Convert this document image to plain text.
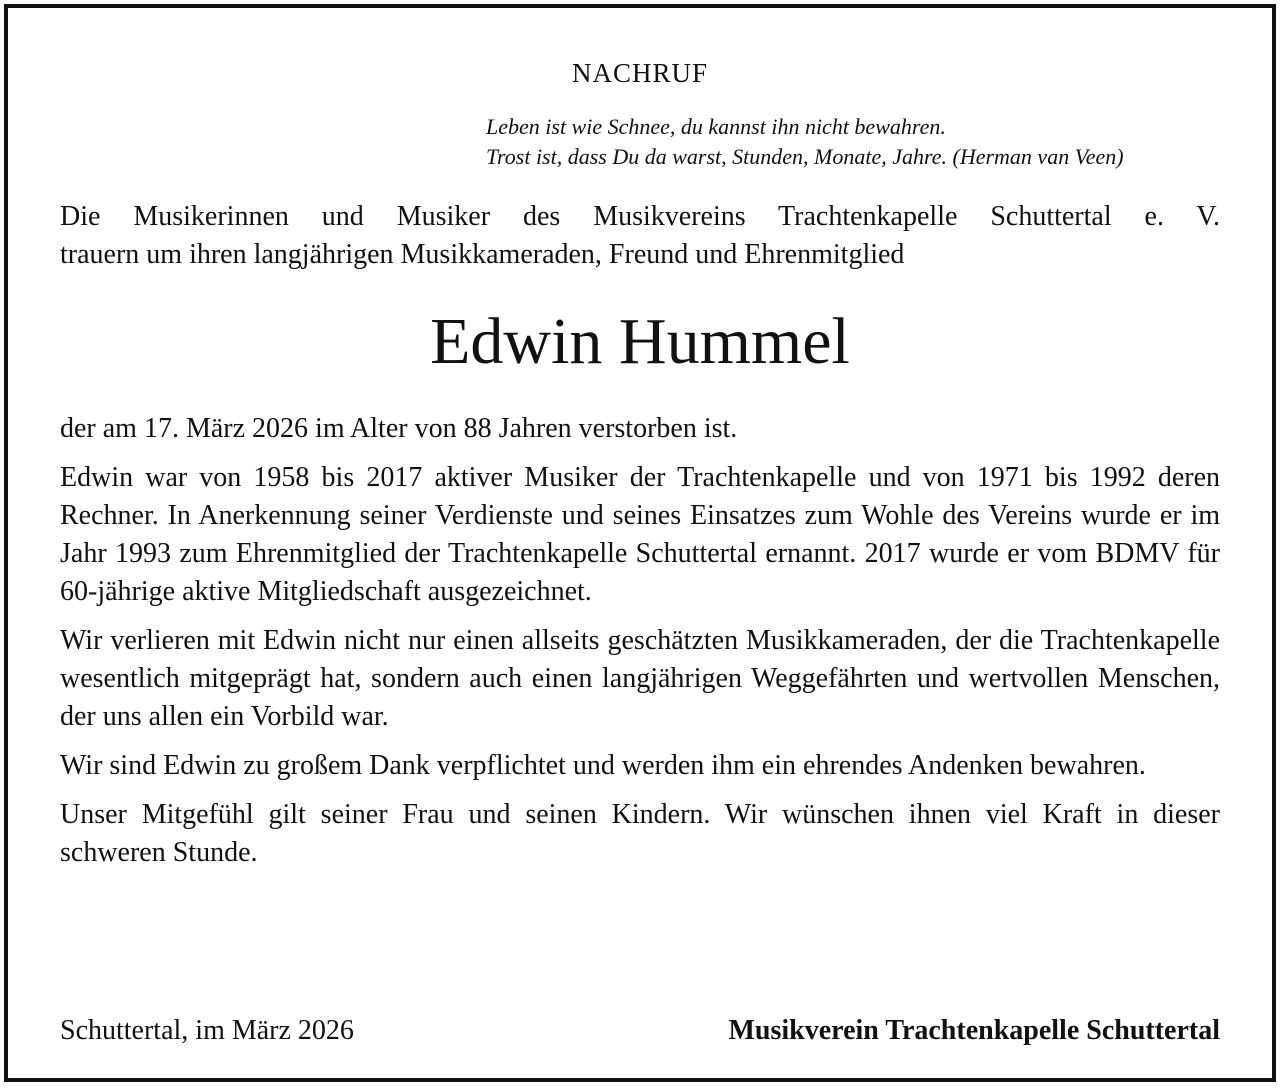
NACHRUF
Leben ist wie Schnee, du kannst ihn nicht bewahren.
Trost ist, dass Du da warst, Stunden, Monate, Jahre. (Herman van Veen)
Die Musikerinnen und Musiker des Musikvereins Trachtenkapelle Schuttertal e. V.
trauern um ihren langjährigen Musikkameraden, Freund und Ehrenmitglied
Edwin Hummel

der am 17. März 2026 im Alter von 88 Jahren verstorben ist.

Edwin war von 1958 bis 2017 aktiver Musiker der Trachtenkapelle und von 1971 bis 1992 deren Rechner. In Anerkennung seiner Verdienste und seines Einsatzes zum Wohle des Vereins wurde er im Jahr 1993 zum Ehrenmitglied der Trachtenkapelle Schuttertal ernannt. 2017 wurde er vom BDMV für 60-jährige aktive Mitgliedschaft ausgezeichnet.

Wir verlieren mit Edwin nicht nur einen allseits geschätzten Musikkameraden, der die Trachtenkapelle wesentlich mitgeprägt hat, sondern auch einen langjährigen Weggefährten und wertvollen Menschen, der uns allen ein Vorbild war.

Wir sind Edwin zu großem Dank verpflichtet und werden ihm ein ehrendes Andenken bewahren.

Unser Mitgefühl gilt seiner Frau und seinen Kindern. Wir wünschen ihnen viel Kraft in dieser schweren Stunde.

Schuttertal, im März 2026	Musikverein Trachtenkapelle Schuttertal
